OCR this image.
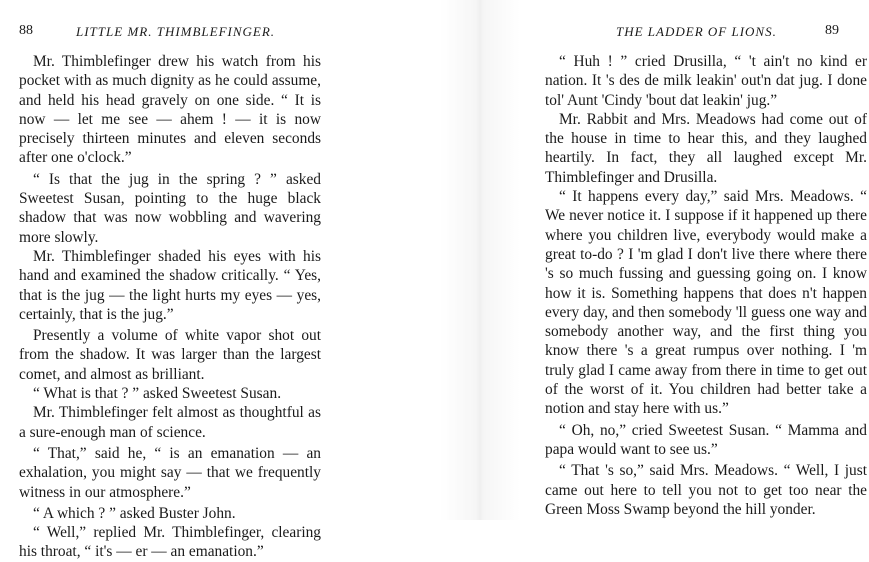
88	LITTLE MR. THIMBLEFINGER.

Mr. Thimblefinger drew his watch from his pocket with as much dignity as he could assume, and held his head gravely on one side. “ It is now — let me see — ahem ! — it is now precisely thirteen minutes and eleven seconds after one o'clock.”

“ Is that the jug in the spring ? ” asked Sweetest Susan, pointing to the huge black shadow that was now wobbling and wavering more slowly.

Mr. Thimblefinger shaded his eyes with his hand and examined the shadow critically. “ Yes, that is the jug — the light hurts my eyes — yes, certainly, that is the jug.”

Presently a volume of white vapor shot out from the shadow. It was larger than the largest comet, and almost as brilliant.

“ What is that ? ” asked Sweetest Susan.

Mr. Thimblefinger felt almost as thoughtful as a sure-enough man of science.

“ That,” said he, “ is an emanation — an exhalation, you might say — that we frequently witness in our atmosphere.”

“ A which ? ” asked Buster John.

“ Well,” replied Mr. Thimblefinger, clearing his throat, “ it's — er — an emanation.”

THE LADDER OF LIONS.	89

“ Huh ! ” cried Drusilla, “ 't ain't no kind er nation. It 's des de milk leakin' out'n dat jug. I done tol' Aunt 'Cindy 'bout dat leakin' jug.”

Mr. Rabbit and Mrs. Meadows had come out of the house in time to hear this, and they laughed heartily. In fact, they all laughed except Mr. Thimblefinger and Drusilla.

“ It happens every day,” said Mrs. Meadows. “ We never notice it. I suppose if it happened up there where you children live, everybody would make a great to-do ? I 'm glad I don't live there where there 's so much fussing and guessing going on. I know how it is. Something happens that does n't happen every day, and then somebody 'll guess one way and somebody another way, and the first thing you know there 's a great rumpus over nothing. I 'm truly glad I came away from there in time to get out of the worst of it. You children had better take a notion and stay here with us.”

“ Oh, no,” cried Sweetest Susan. “ Mamma and papa would want to see us.”

“ That 's so,” said Mrs. Meadows. “ Well, I just came out here to tell you not to get too near the Green Moss Swamp beyond the hill yonder.
